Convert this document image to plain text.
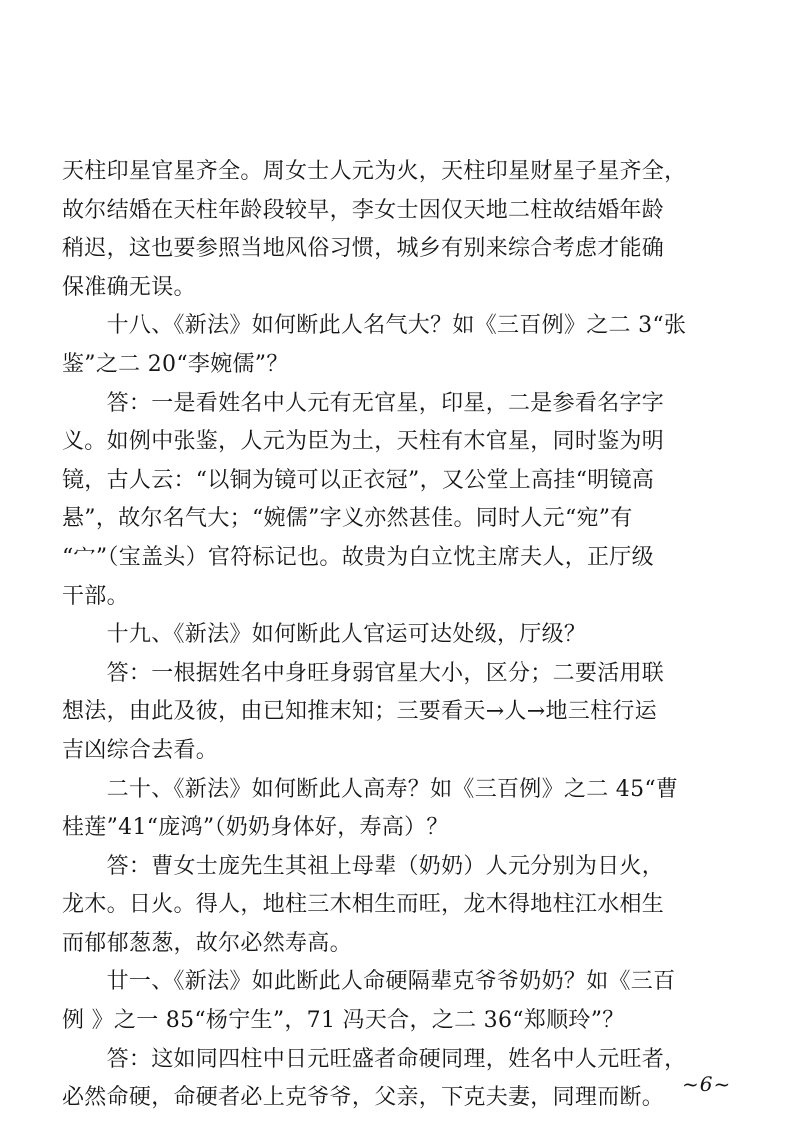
天柱印星官星齐全。周女士人元为火，天柱印星财星子星齐全，
故尔结婚在天柱年龄段较早，李女士因仅天地二柱故结婚年龄
稍迟，这也要参照当地风俗习惯，城乡有别来综合考虑才能确
保准确无误。
　　十八、《新法》如何断此人名气大？如《三百例》之二 3“张
鉴”之二 20“李婉儒”？
　　答：一是看姓名中人元有无官星，印星，二是参看名字字
义。如例中张鉴，人元为臣为土，天柱有木官星，同时鉴为明
镜，古人云：“以铜为镜可以正衣冠”，又公堂上高挂“明镜高
悬”，故尔名气大；“婉儒”字义亦然甚佳。同时人元“宛”有
“宀”（宝盖头）官符标记也。故贵为白立忱主席夫人，正厅级
干部。
　　十九、《新法》如何断此人官运可达处级，厅级？
　　答：一根据姓名中身旺身弱官星大小，区分；二要活用联
想法，由此及彼，由已知推末知；三要看天→人→地三柱行运
吉凶综合去看。
　　二十、《新法》如何断此人高寿？如《三百例》之二 45“曹
桂莲”41“庞鸿”（奶奶身体好，寿高）？
　　答：曹女士庞先生其祖上母辈（奶奶）人元分别为日火，
龙木。日火。得人，地柱三木相生而旺，龙木得地柱江水相生
而郁郁葱葱，故尔必然寿高。
　　廿一、《新法》如此断此人命硬隔辈克爷爷奶奶？如《三百
例 》之一 85“杨宁生”，71 冯天合，之二 36“郑顺玲”？
　　答：这如同四柱中日元旺盛者命硬同理，姓名中人元旺者，
必然命硬，命硬者必上克爷爷，父亲，下克夫妻，同理而断。
~6~
